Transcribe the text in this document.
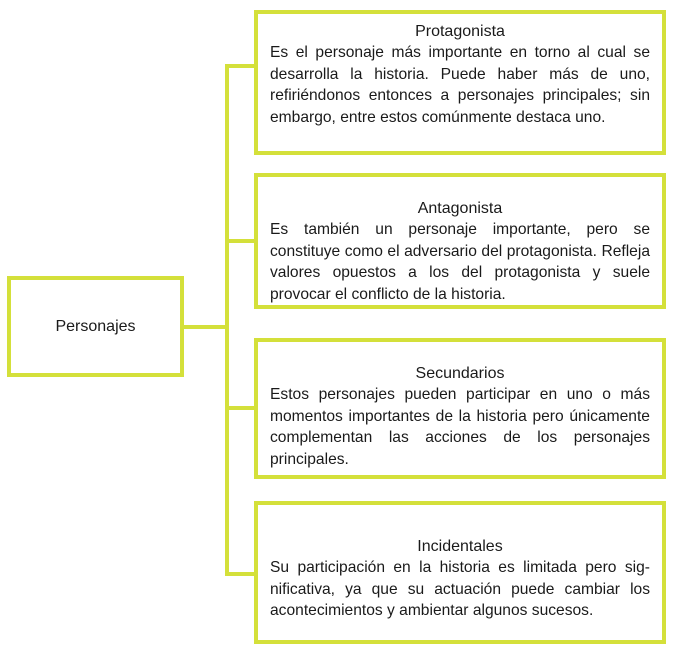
Personajes

Protagonista

Es el personaje más importante en torno al cual se desarrolla la historia. Puede haber más de uno, refiriéndonos entonces a personajes principales; sin embargo, entre estos comúnmente destaca uno.

Antagonista

Es también un personaje importante, pero se constituye como el adversario del protagonista. Refleja valores opuestos a los del protagonista y suele provocar el conflicto de la historia.

Secundarios

Estos personajes pueden participar en uno o más momentos importantes de la historia pero únicamente complementan las acciones de los personajes principales.

Incidentales

Su participación en la historia es limitada pero significativa, ya que su actuación puede cambiar los acontecimientos y ambientar algunos sucesos.
